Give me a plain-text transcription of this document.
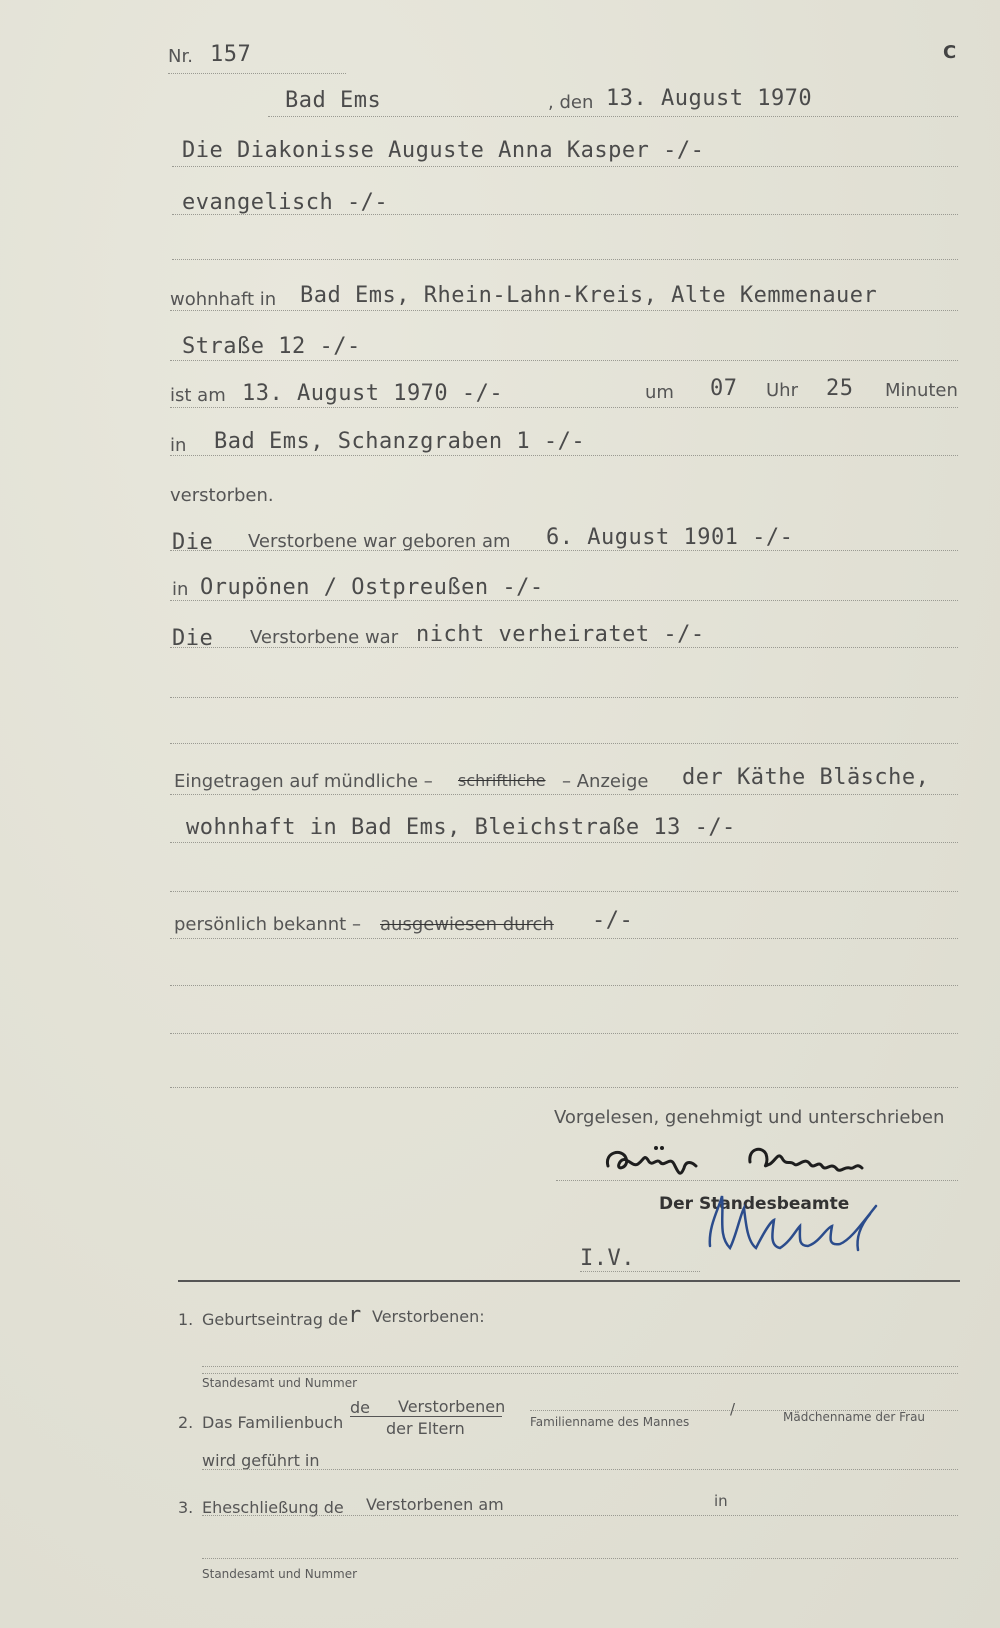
Nr. 157	C
Bad Ems	, den 13. August 1970
Die Diakonisse Auguste Anna Kasper -/-
evangelisch -/-
wohnhaft in Bad Ems, Rhein-Lahn-Kreis, Alte Kemmenauer
Straße 12 -/-
ist am 13. August 1970 -/-	um 07 Uhr 25 Minuten
in Bad Ems, Schanzgraben 1 -/-
verstorben.
Die Verstorbene war geboren am 6. August 1901 -/-
in Orupönen / Ostpreußen -/-
Die Verstorbene war nicht verheiratet -/-
Eingetragen auf mündliche – schriftliche – Anzeige der Käthe Bläsche,
wohnhaft in Bad Ems, Bleichstraße 13 -/-
persönlich bekannt – ausgewiesen durch -/-
Vorgelesen, genehmigt und unterschrieben
Der Standesbeamte
I.V.
1. Geburtseintrag de r Verstorbenen:
Standesamt und Nummer
2. Das Familienbuch
de Verstorbenen
der Eltern	Familienname des Mannes
/	Mädchenname der Frau
wird geführt in
3. Eheschließung de Verstorbenen am	in
Standesamt und Nummer
